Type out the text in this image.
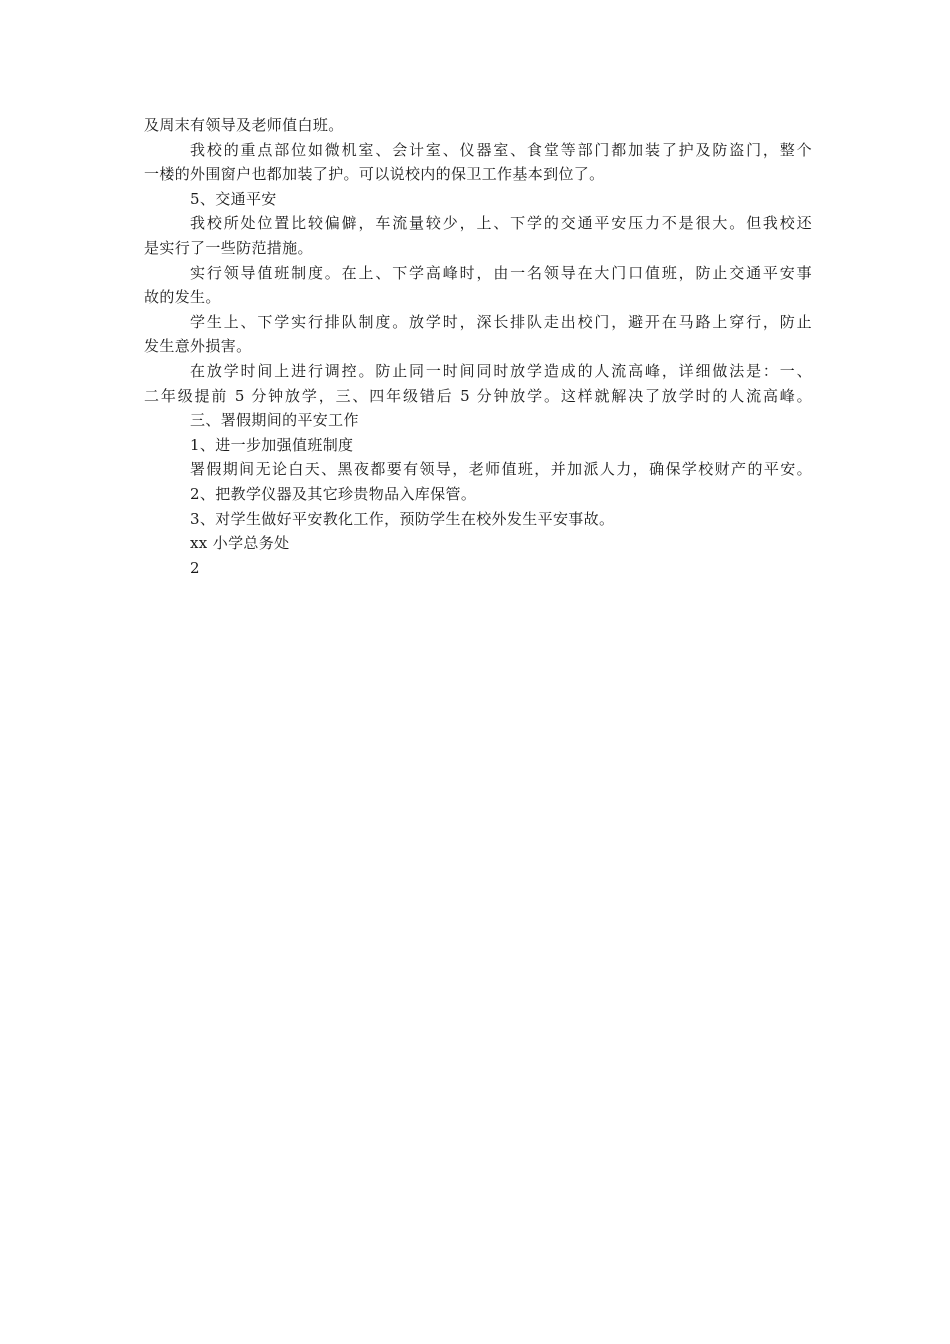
及周末有领导及老师值白班。
我校的重点部位如微机室、会计室、仪器室、食堂等部门都加装了护及防盗门，整个
一楼的外围窗户也都加装了护。可以说校内的保卫工作基本到位了。
5、交通平安
我校所处位置比较偏僻，车流量较少，上、下学的交通平安压力不是很大。但我校还
是实行了一些防范措施。
实行领导值班制度。在上、下学高峰时，由一名领导在大门口值班，防止交通平安事
故的发生。
学生上、下学实行排队制度。放学时，深长排队走出校门，避开在马路上穿行，防止
发生意外损害。
在放学时间上进行调控。防止同一时间同时放学造成的人流高峰，详细做法是：一、
二年级提前 5 分钟放学，三、四年级错后 5 分钟放学。这样就解决了放学时的人流高峰。
三、署假期间的平安工作
1、进一步加强值班制度
署假期间无论白天、黑夜都要有领导，老师值班，并加派人力，确保学校财产的平安。
2、把教学仪器及其它珍贵物品入库保管。
3、对学生做好平安教化工作，预防学生在校外发生平安事故。
xx 小学总务处
2
